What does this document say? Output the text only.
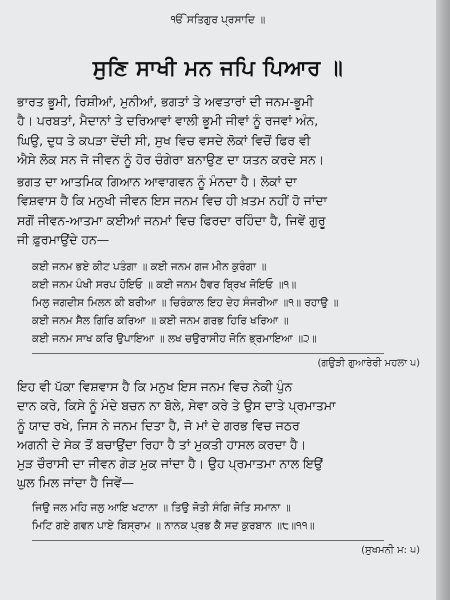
ੴ ਸਤਿਗੁਰ ਪ੍ਰਸਾਦਿ ॥
ਸੁਣਿ ਸਾਖੀ ਮਨ ਜਪਿ ਪਿਆਰ ॥
ਭਾਰਤ ਭੂਮੀ, ਰਿਸ਼ੀਆਂ, ਮੁਨੀਆਂ, ਭਗਤਾਂ ਤੇ ਅਵਤਾਰਾਂ ਦੀ ਜਨਮ-ਭੂਮੀ
ਹੈ। ਪਰਬਤਾਂ, ਮੈਦਾਨਾਂ ਤੇ ਦਰਿਆਵਾਂ ਵਾਲੀ ਭੂਮੀ ਜੀਵਾਂ ਨੂੰ ਰਜਵਾਂ ਅੰਨ,
ਘਿਉ, ਦੁਧ ਤੇ ਕਪੜਾ ਦੇਂਦੀ ਸੀ, ਸੁਖ ਵਿਚ ਵਸਦੇ ਲੋਕਾਂ ਵਿਚੋਂ ਫਿਰ ਵੀ
ਐਸੇ ਲੋਕ ਸਨ ਜੋ ਜੀਵਨ ਨੂੰ ਹੋਰ ਚੰਗੇਰਾ ਬਨਾਉਣ ਦਾ ਯਤਨ ਕਰਦੇ ਸਨ।
ਭਗਤ ਦਾ ਆਤਮਿਕ ਗਿਆਨ ਆਵਾਗਵਨ ਨੂੰ ਮੰਨਦਾ ਹੈ। ਲੋਕਾਂ ਦਾ
ਵਿਸ਼ਵਾਸ ਹੈ ਕਿ ਮਨੁਖੀ ਜੀਵਨ ਇਸ ਜਨਮ ਵਿਚ ਹੀ ਖ਼ਤਮ ਨਹੀਂ ਹੋ ਜਾਂਦਾ
ਸਗੋਂ ਜੀਵਨ-ਆਤਮਾ ਕਈਆਂ ਜਨਮਾਂ ਵਿਚ ਫਿਰਦਾ ਰਹਿੰਦਾ ਹੈ, ਜਿਵੇਂ ਗੁਰੂ
ਜੀ ਫ਼ੁਰਮਾਉਂਦੇ ਹਨ—
ਕਈ ਜਨਮ ਭਏ ਕੀਟ ਪਤੰਗਾ ॥ ਕਈ ਜਨਮ ਗਜ ਮੀਨ ਕੁਰੰਗਾ ॥
ਕਈ ਜਨਮ ਪੰਖੀ ਸਰਪ ਹੋਇਓ ॥ ਕਈ ਜਨਮ ਹੈਵਰ ਬ੍ਰਿਖ ਜੋਇਓ ॥੧॥
ਮਿਲੁ ਜਗਦੀਸ ਮਿਲਨ ਕੀ ਬਰੀਆ ॥ ਚਿਰੰਕਾਲ ਇਹ ਦੇਹ ਸੰਜਰੀਆ ॥੧॥ ਰਹਾਉ ॥
ਕਈ ਜਨਮ ਸੈਲ ਗਿਰਿ ਕਰਿਆ ॥ ਕਈ ਜਨਮ ਗਰਭ ਹਿਰਿ ਖਰਿਆ ॥
ਕਈ ਜਨਮ ਸਾਖ ਕਰਿ ਉਪਾਇਆ ॥ ਲਖ ਚਉਰਾਸੀਹ ਜੋਨਿ ਭ੍ਰਮਾਇਆ ॥੨॥
(ਗਉੜੀ ਗੁਆਰੇਰੀ ਮਹਲਾ ੫)
ਇਹ ਵੀ ਪੱਕਾ ਵਿਸ਼ਵਾਸ ਹੈ ਕਿ ਮਨੁਖ ਇਸ ਜਨਮ ਵਿਚ ਨੇਕੀ ਪੁੰਨ
ਦਾਨ ਕਰੇ, ਕਿਸੇ ਨੂੰ ਮੰਦੇ ਬਚਨ ਨਾ ਬੋਲੇ, ਸੇਵਾ ਕਰੇ ਤੇ ਉਸ ਦਾਤੇ ਪ੍ਰਮਾਤਮਾ
ਨੂੰ ਯਾਦ ਰਖੇ, ਜਿਸ ਨੇ ਜਨਮ ਦਿਤਾ ਹੈ, ਜੋ ਮਾਂ ਦੇ ਗਰਭ ਵਿਚ ਜਠਰ
ਅਗਨੀ ਦੇ ਸੇਕ ਤੋਂ ਬਚਾਉਂਦਾ ਰਿਹਾ ਹੈ ਤਾਂ ਮੁਕਤੀ ਹਾਸਲ ਕਰਦਾ ਹੈ।
ਮੁੜ ਚੌਰਾਸੀ ਦਾ ਜੀਵਨ ਗੇੜ ਮੁਕ ਜਾਂਦਾ ਹੈ। ਉਹ ਪ੍ਰਮਾਤਮਾ ਨਾਲ ਇਉਂ
ਘੁਲ ਮਿਲ ਜਾਂਦਾ ਹੈ ਜਿਵੇਂ—
ਜਿਉ ਜਲ ਮਹਿ ਜਲੁ ਆਇ ਖਟਾਨਾ ॥ ਤਿਉ ਜੋਤੀ ਸੰਗਿ ਜੋਤਿ ਸਮਾਨਾ ॥
ਮਿਟਿ ਗਏ ਗਵਨ ਪਾਏ ਬਿਸ੍ਰਾਮ ॥ ਨਾਨਕ ਪ੍ਰਭ ਕੈ ਸਦ ਕੁਰਬਾਨ ॥੮॥੧੧॥
(ਸੁਖਮਨੀ ਮ: ੫)
